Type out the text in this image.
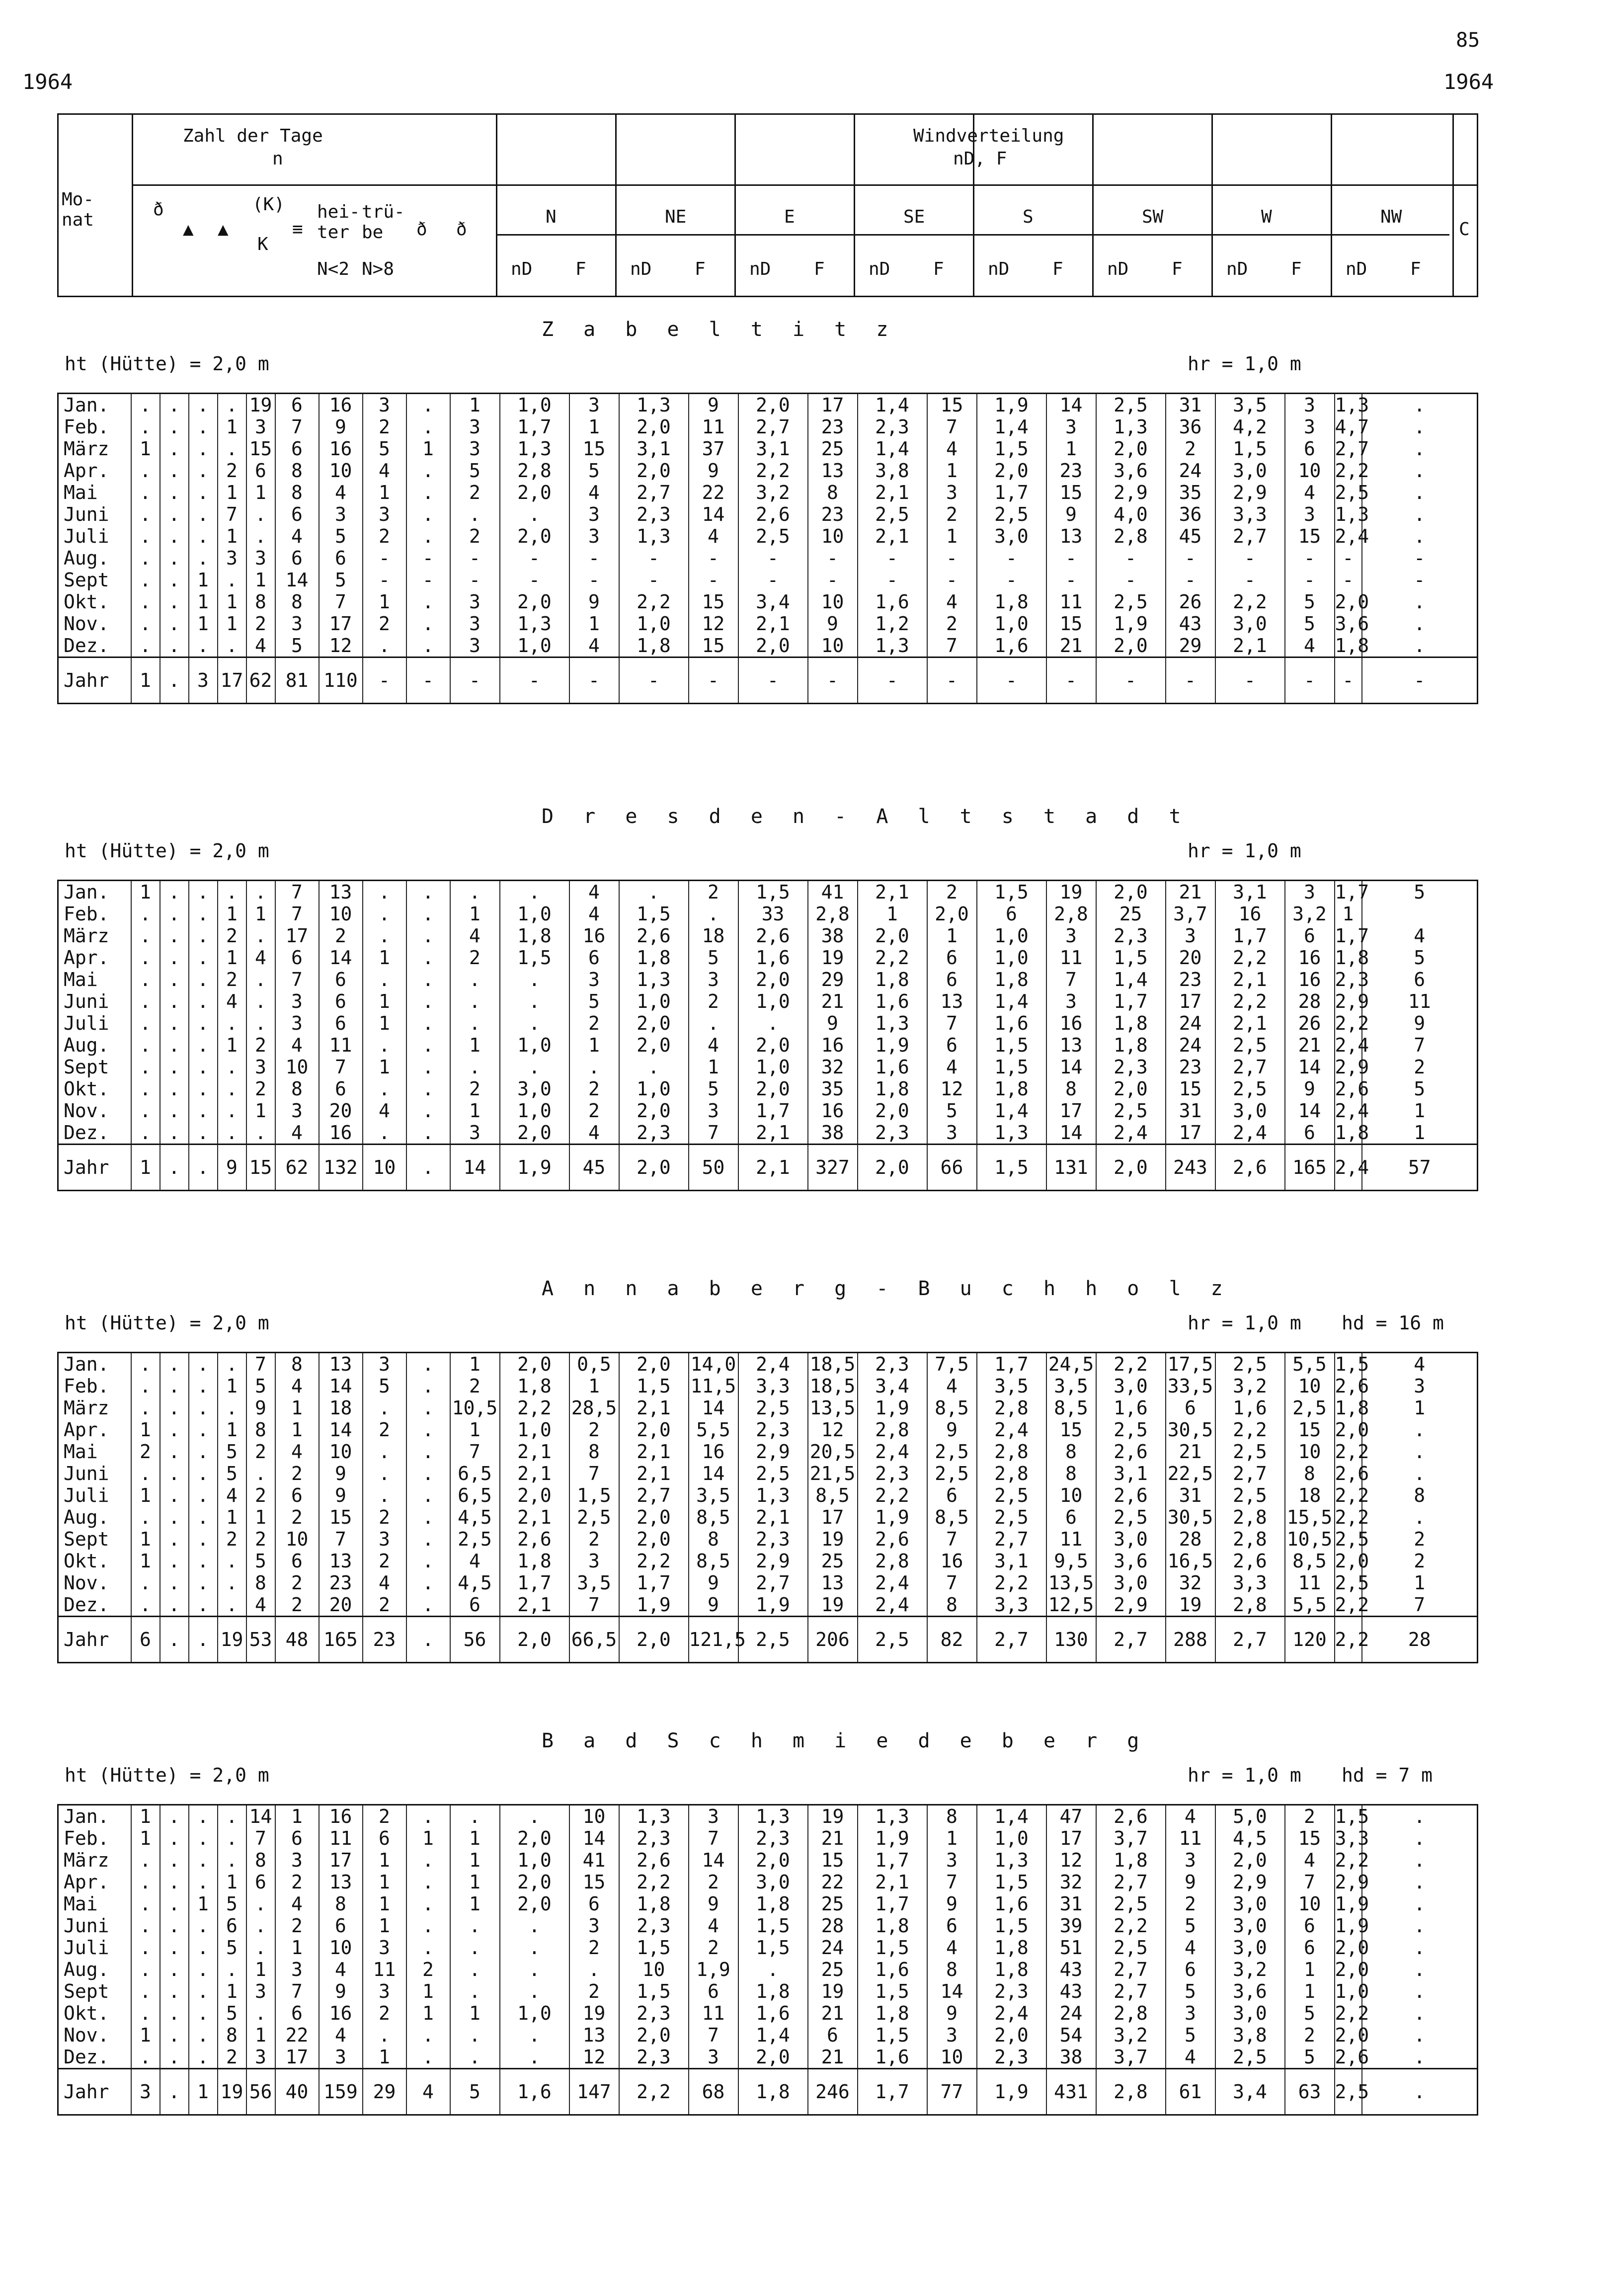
85
1964	1964
Zahl der Tage
n
Windverteilung
nD, F
Mo-nat
ð
▲ ▲
(K)
K
≡
hei-ter
trü-be
N<2 N>8
ð ð
N
nD F
NE
nD F
E
nD F
SE
nD F
S
nD F
SW
nD F
W
nD F
NW
nD F
C
Z a b e l t i t z
ht (Hütte) = 2,0 m	hr = 1,0 m
Jan.	.	.	.	.	19	6	16	3	.	1	1,0	3	1,3	9	2,0	17	1,4	15	1,9	14	2,5	31	3,5	3	1,3	.
Feb.	.	.	.	1	3	7	9	2	.	3	1,7	1	2,0	11	2,7	23	2,3	7	1,4	3	1,3	36	4,2	3	4,7	.
März	1	.	.	.	15	6	16	5	1	3	1,3	15	3,1	37	3,1	25	1,4	4	1,5	1	2,0	2	1,5	6	2,7	.
Apr.	.	.	.	2	6	8	10	4	.	5	2,8	5	2,0	9	2,2	13	3,8	1	2,0	23	3,6	24	3,0	10	2,2	.
Mai	.	.	.	1	1	8	4	1	.	2	2,0	4	2,7	22	3,2	8	2,1	3	1,7	15	2,9	35	2,9	4	2,5	.
Juni	.	.	.	7	.	6	3	3	.	.	.	3	2,3	14	2,6	23	2,5	2	2,5	9	4,0	36	3,3	3	1,3	.
Juli	.	.	.	1	.	4	5	2	.	2	2,0	3	1,3	4	2,5	10	2,1	1	3,0	13	2,8	45	2,7	15	2,4	.
Aug.	.	.	.	3	3	6	6	-	-	-	-	-	-	-	-	-	-	-	-	-	-	-	-	-	-	-
Sept	.	.	1	.	1	14	5	-	-	-	-	-	-	-	-	-	-	-	-	-	-	-	-	-	-	-
Okt.	.	.	1	1	8	8	7	1	.	3	2,0	9	2,2	15	3,4	10	1,6	4	1,8	11	2,5	26	2,2	5	2,0	.
Nov.	.	.	1	1	2	3	17	2	.	3	1,3	1	1,0	12	2,1	9	1,2	2	1,0	15	1,9	43	3,0	5	3,6	.
Dez.	.	.	.	.	4	5	12	.	.	3	1,0	4	1,8	15	2,0	10	1,3	7	1,6	21	2,0	29	2,1	4	1,8	.
Jahr	1	.	3	17	62	81	110	-	-	-	-	-	-	-	-	-	-	-	-	-	-	-	-	-	-	-
D r e s d e n - A l t s t a d t
ht (Hütte) = 2,0 m	hr = 1,0 m
Jan.	1	.	.	.	.	7	13	.	.	.	.	4	.	2	1,5	41	2,1	2	1,5	19	2,0	21	3,1	3	1,7	5
Feb.	.	.	.	1	1	7	10	.	.	1	1,0	4	1,5	.	33	2,8	1	2,0	6	2,8	25	3,7	16	3,2	1	
März	.	.	.	2	.	17	2	.	.	4	1,8	16	2,6	18	2,6	38	2,0	1	1,0	3	2,3	3	1,7	6	1,7	4
Apr.	.	.	.	1	4	6	14	1	.	2	1,5	6	1,8	5	1,6	19	2,2	6	1,0	11	1,5	20	2,2	16	1,8	5
Mai	.	.	.	2	.	7	6	.	.	.	.	3	1,3	3	2,0	29	1,8	6	1,8	7	1,4	23	2,1	16	2,3	6
Juni	.	.	.	4	.	3	6	1	.	.	.	5	1,0	2	1,0	21	1,6	13	1,4	3	1,7	17	2,2	28	2,9	11
Juli	.	.	.	.	.	3	6	1	.	.	.	2	2,0	.	.	9	1,3	7	1,6	16	1,8	24	2,1	26	2,2	9
Aug.	.	.	.	1	2	4	11	.	.	1	1,0	1	2,0	4	2,0	16	1,9	6	1,5	13	1,8	24	2,5	21	2,4	7
Sept	.	.	.	.	3	10	7	1	.	.	.	.	.	1	1,0	32	1,6	4	1,5	14	2,3	23	2,7	14	2,9	2
Okt.	.	.	.	.	2	8	6	.	.	2	3,0	2	1,0	5	2,0	35	1,8	12	1,8	8	2,0	15	2,5	9	2,6	5
Nov.	.	.	.	.	1	3	20	4	.	1	1,0	2	2,0	3	1,7	16	2,0	5	1,4	17	2,5	31	3,0	14	2,4	1
Dez.	.	.	.	.	.	4	16	.	.	3	2,0	4	2,3	7	2,1	38	2,3	3	1,3	14	2,4	17	2,4	6	1,8	1
Jahr	1	.	.	9	15	62	132	10	.	14	1,9	45	2,0	50	2,1	327	2,0	66	1,5	131	2,0	243	2,6	165	2,4	57
A n n a b e r g - B u c h h o l z
ht (Hütte) = 2,0 m	hr = 1,0 m hd = 16 m
Jan.	.	.	.	.	7	8	13	3	.	1	2,0	0,5	2,0	14,0	2,4	18,5	2,3	7,5	1,7	24,5	2,2	17,5	2,5	5,5	1,5	4
Feb.	.	.	.	1	5	4	14	5	.	2	1,8	1	1,5	11,5	3,3	18,5	3,4	4	3,5	3,5	3,0	33,5	3,2	10	2,6	3
März	.	.	.	.	9	1	18	.	.	10,5	2,2	28,5	2,1	14	2,5	13,5	1,9	8,5	2,8	8,5	1,6	6	1,6	2,5	1,8	1
Apr.	1	.	.	1	8	1	14	2	.	1	1,0	2	2,0	5,5	2,3	12	2,8	9	2,4	15	2,5	30,5	2,2	15	2,0	.
Mai	2	.	.	5	2	4	10	.	.	7	2,1	8	2,1	16	2,9	20,5	2,4	2,5	2,8	8	2,6	21	2,5	10	2,2	.
Juni	.	.	.	5	.	2	9	.	.	6,5	2,1	7	2,1	14	2,5	21,5	2,3	2,5	2,8	8	3,1	22,5	2,7	8	2,6	.
Juli	1	.	.	4	2	6	9	.	.	6,5	2,0	1,5	2,7	3,5	1,3	8,5	2,2	6	2,5	10	2,6	31	2,5	18	2,2	8
Aug.	.	.	.	1	1	2	15	2	.	4,5	2,1	2,5	2,0	8,5	2,1	17	1,9	8,5	2,5	6	2,5	30,5	2,8	15,5	2,2	.
Sept	1	.	.	2	2	10	7	3	.	2,5	2,6	2	2,0	8	2,3	19	2,6	7	2,7	11	3,0	28	2,8	10,5	2,5	2
Okt.	1	.	.	.	5	6	13	2	.	4	1,8	3	2,2	8,5	2,9	25	2,8	16	3,1	9,5	3,6	16,5	2,6	8,5	2,0	2
Nov.	.	.	.	.	8	2	23	4	.	4,5	1,7	3,5	1,7	9	2,7	13	2,4	7	2,2	13,5	3,0	32	3,3	11	2,5	1
Dez.	.	.	.	.	4	2	20	2	.	6	2,1	7	1,9	9	1,9	19	2,4	8	3,3	12,5	2,9	19	2,8	5,5	2,2	7
Jahr	6	.	.	19	53	48	165	23	.	56	2,0	66,5	2,0	121,5	2,5	206	2,5	82	2,7	130	2,7	288	2,7	120	2,2	28
B a d S c h m i e d e b e r g
ht (Hütte) = 2,0 m	hr = 1,0 m hd = 7 m
Jan.	1	.	.	.	14	1	16	2	.	.	.	10	1,3	3	1,3	19	1,3	8	1,4	47	2,6	4	5,0	2	1,5	.
Feb.	1	.	.	.	7	6	11	6	1	1	2,0	14	2,3	7	2,3	21	1,9	1	1,0	17	3,7	11	4,5	15	3,3	.
März	.	.	.	.	8	3	17	1	.	1	1,0	41	2,6	14	2,0	15	1,7	3	1,3	12	1,8	3	2,0	4	2,2	.
Apr.	.	.	.	1	6	2	13	1	.	1	2,0	15	2,2	2	3,0	22	2,1	7	1,5	32	2,7	9	2,9	7	2,9	.
Mai	.	.	1	5	.	4	8	1	.	1	2,0	6	1,8	9	1,8	25	1,7	9	1,6	31	2,5	2	3,0	10	1,9	.
Juni	.	.	.	6	.	2	6	1	.	.	.	3	2,3	4	1,5	28	1,8	6	1,5	39	2,2	5	3,0	6	1,9	.
Juli	.	.	.	5	.	1	10	3	.	.	.	2	1,5	2	1,5	24	1,5	4	1,8	51	2,5	4	3,0	6	2,0	.
Aug.	.	.	.	.	1	3	4	11	2	.	.	.	10	1,9	.	25	1,6	8	1,8	43	2,7	6	3,2	1	2,0	.
Sept	.	.	.	1	3	7	9	3	1	.	.	2	1,5	6	1,8	19	1,5	14	2,3	43	2,7	5	3,6	1	1,0	.
Okt.	.	.	.	5	.	6	16	2	1	1	1,0	19	2,3	11	1,6	21	1,8	9	2,4	24	2,8	3	3,0	5	2,2	.
Nov.	1	.	.	8	1	22	4	.	.	.	.	13	2,0	7	1,4	6	1,5	3	2,0	54	3,2	5	3,8	2	2,0	.
Dez.	.	.	.	2	3	17	3	1	.	.	.	12	2,3	3	2,0	21	1,6	10	2,3	38	3,7	4	2,5	5	2,6	.
Jahr	3	.	1	19	56	40	159	29	4	5	1,6	147	2,2	68	1,8	246	1,7	77	1,9	431	2,8	61	3,4	63	2,5	.
